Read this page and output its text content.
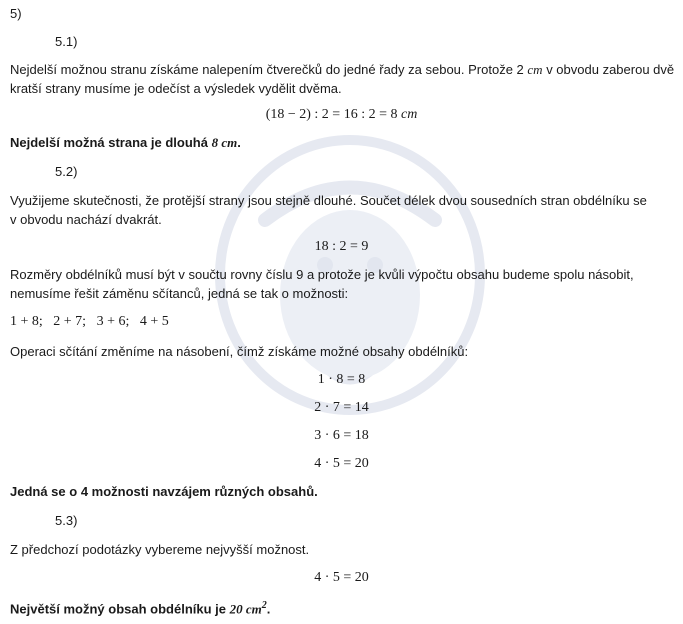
5)
5.1)
Nejdelší možnou stranu získáme nalepením čtverečků do jedné řady za sebou. Protože 2 cm v obvodu zaberou dvě
kratší strany musíme je odečíst a výsledek vydělit dvěma.
(18 − 2) : 2 = 16 : 2 = 8 cm
Nejdelší možná strana je dlouhá 8 cm.
5.2)
Využijeme skutečnosti, že protější strany jsou stejně dlouhé. Součet délek dvou sousedních stran obdélníku se
v obvodu nachází dvakrát.
18 : 2 = 9
Rozměry obdélníků musí být v součtu rovny číslu 9 a protože je kvůli výpočtu obsahu budeme spolu násobit,
nemusíme řešit záměnu sčítanců, jedná se tak o možnosti:
1 + 8;   2 + 7;   3 + 6;   4 + 5
Operaci sčítání změníme na násobení, čímž získáme možné obsahy obdélníků:
1 · 8 = 8
2 · 7 = 14
3 · 6 = 18
4 · 5 = 20
Jedná se o 4 možnosti navzájem různých obsahů.
5.3)
Z předchozí podotázky vybereme nejvyšší možnost.
4 · 5 = 20
Největší možný obsah obdélníku je 20 $cm^2$.
